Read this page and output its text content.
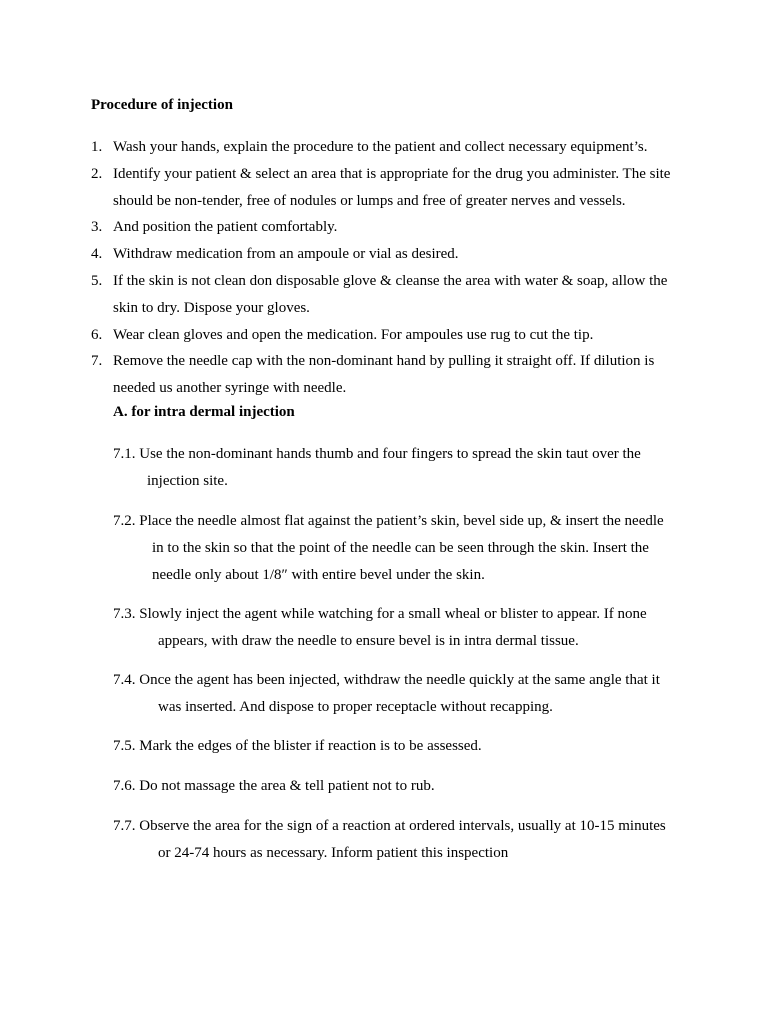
Procedure of injection
1. Wash your hands, explain the procedure to the patient and collect necessary equipment’s.
2. Identify your patient & select an area that is appropriate for the drug you administer. The site
should be non-tender, free of nodules or lumps and free of greater nerves and vessels.
3. And position the patient comfortably.
4. Withdraw medication from an ampoule or vial as desired.
5. If the skin is not clean don disposable glove & cleanse the area with water & soap, allow the
skin to dry. Dispose your gloves.
6. Wear clean gloves and open the medication. For ampoules use rug to cut the tip.
7. Remove the needle cap with the non-dominant hand by pulling it straight off. If dilution is
needed us another syringe with needle.
A. for intra dermal injection
7.1. Use the non-dominant hands thumb and four fingers to spread the skin taut over the
injection site.
7.2. Place the needle almost flat against the patient’s skin, bevel side up, & insert the needle
in to the skin so that the point of the needle can be seen through the skin. Insert the
needle only about 1/8″ with entire bevel under the skin.
7.3. Slowly inject the agent while watching for a small wheal or blister to appear. If none
appears, with draw the needle to ensure bevel is in intra dermal tissue.
7.4. Once the agent has been injected, withdraw the needle quickly at the same angle that it
was inserted. And dispose to proper receptacle without recapping.
7.5. Mark the edges of the blister if reaction is to be assessed.
7.6. Do not massage the area & tell patient not to rub.
7.7. Observe the area for the sign of a reaction at ordered intervals, usually at 10-15 minutes
or 24-74 hours as necessary. Inform patient this inspection
